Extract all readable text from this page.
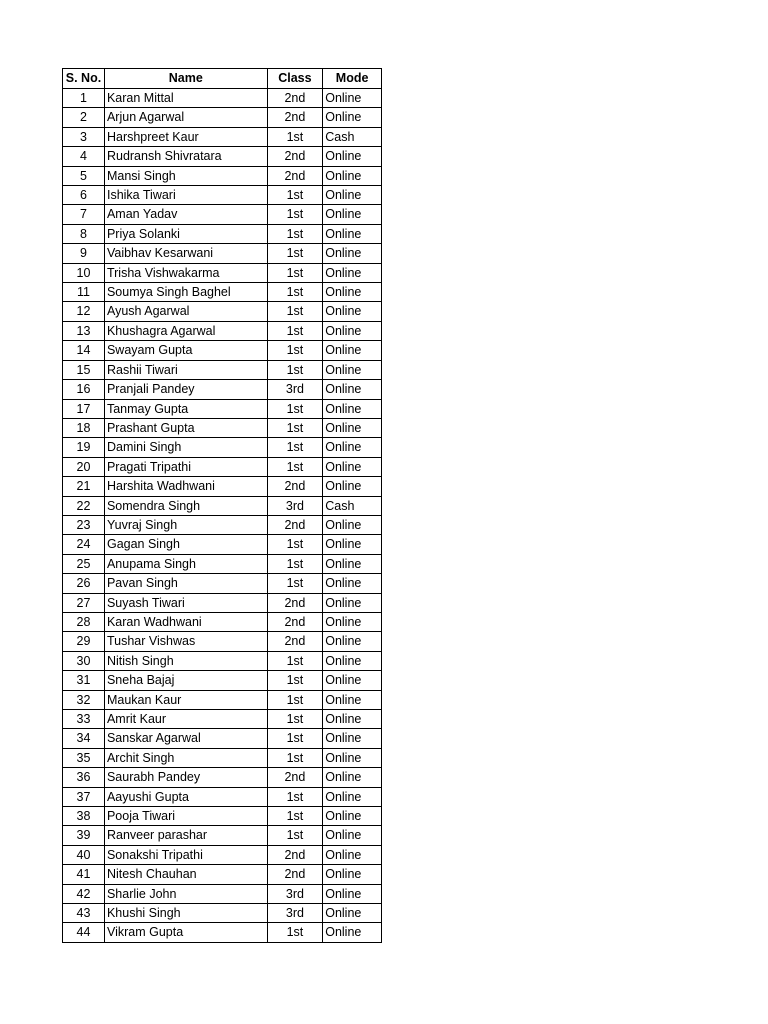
S. No.	Name	Class	Mode
1	Karan Mittal	2nd	Online
2	Arjun Agarwal	2nd	Online
3	Harshpreet Kaur	1st	Cash
4	Rudransh Shivratara	2nd	Online
5	Mansi Singh	2nd	Online
6	Ishika Tiwari	1st	Online
7	Aman Yadav	1st	Online
8	Priya Solanki	1st	Online
9	Vaibhav Kesarwani	1st	Online
10	Trisha Vishwakarma	1st	Online
11	Soumya Singh Baghel	1st	Online
12	Ayush Agarwal	1st	Online
13	Khushagra Agarwal	1st	Online
14	Swayam Gupta	1st	Online
15	Rashii Tiwari	1st	Online
16	Pranjali Pandey	3rd	Online
17	Tanmay Gupta	1st	Online
18	Prashant Gupta	1st	Online
19	Damini Singh	1st	Online
20	Pragati Tripathi	1st	Online
21	Harshita Wadhwani	2nd	Online
22	Somendra Singh	3rd	Cash
23	Yuvraj Singh	2nd	Online
24	Gagan Singh	1st	Online
25	Anupama Singh	1st	Online
26	Pavan Singh	1st	Online
27	Suyash Tiwari	2nd	Online
28	Karan Wadhwani	2nd	Online
29	Tushar Vishwas	2nd	Online
30	Nitish Singh	1st	Online
31	Sneha Bajaj	1st	Online
32	Maukan Kaur	1st	Online
33	Amrit Kaur	1st	Online
34	Sanskar Agarwal	1st	Online
35	Archit Singh	1st	Online
36	Saurabh Pandey	2nd	Online
37	Aayushi Gupta	1st	Online
38	Pooja Tiwari	1st	Online
39	Ranveer parashar	1st	Online
40	Sonakshi Tripathi	2nd	Online
41	Nitesh Chauhan	2nd	Online
42	Sharlie John	3rd	Online
43	Khushi Singh	3rd	Online
44	Vikram Gupta	1st	Online
